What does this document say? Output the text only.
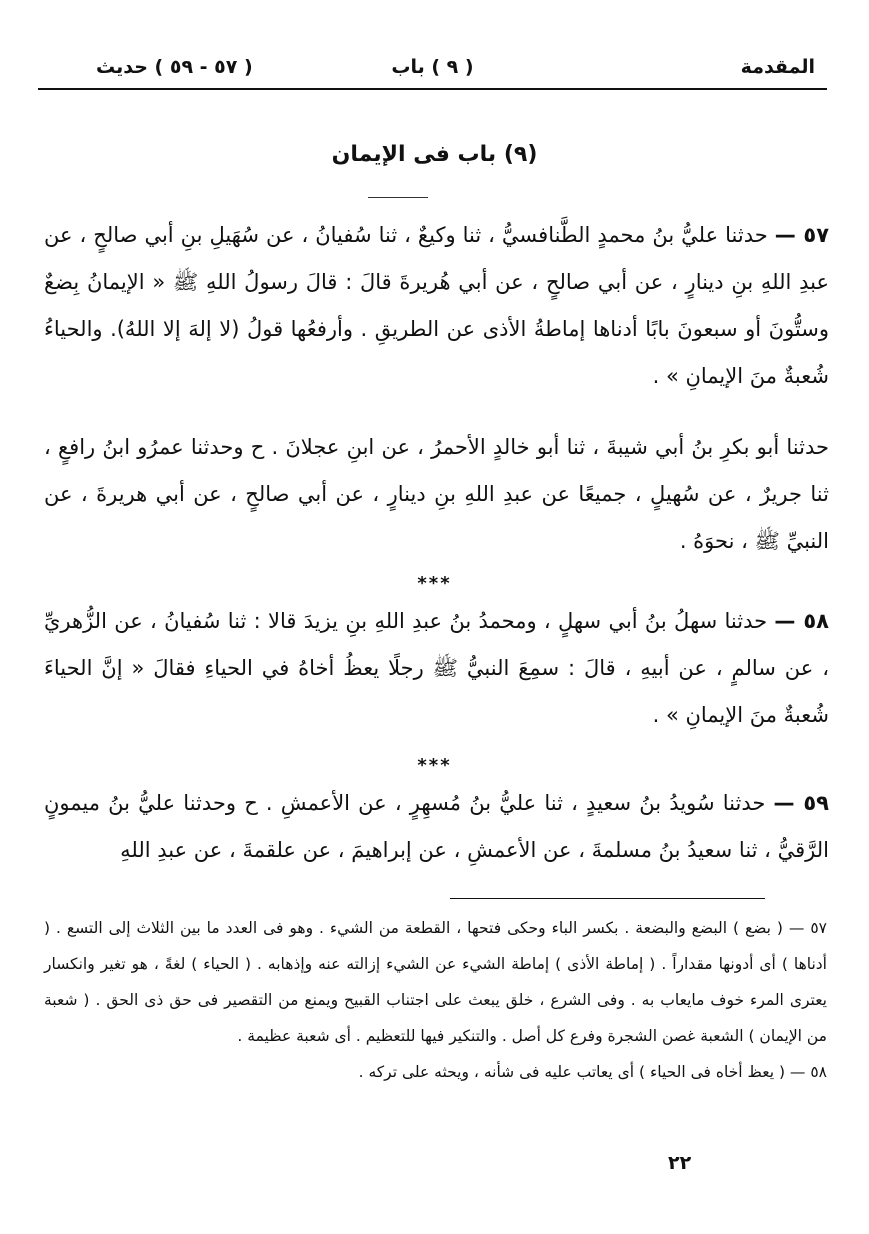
المقدمة
( ٩ ) باب
( ٥٧ - ٥٩ ) حديث
(٩) باب فى الإيمان

٥٧ — حدثنا عليُّ بنُ محمدٍ الطَّنافسيُّ ، ثنا وكيعٌ ، ثنا سُفيانُ ، عن سُهَيلِ بنِ أبي صالحٍ ، عن عبدِ اللهِ بنِ دينارٍ ، عن أبي صالحٍ ، عن أبي هُريرةَ قالَ : قالَ رسولُ اللهِ ﷺ « الإيمانُ بِضعٌ وستُّونَ أو سبعونَ بابًا أدناها إماطةُ الأذى عن الطريقِ . وأرفعُها قولُ (لا إلهَ إلا اللهُ). والحياءُ شُعبةٌ منَ الإيمانِ » .

حدثنا أبو بكرِ بنُ أبي شيبةَ ، ثنا أبو خالدٍ الأحمرُ ، عن ابنِ عجلانَ . ح وحدثنا عمرُو ابنُ رافعٍ ، ثنا جريرٌ ، عن سُهيلٍ ، جميعًا عن عبدِ اللهِ بنِ دينارٍ ، عن أبي صالحٍ ، عن أبي هريرةَ ، عن النبيِّ ﷺ ، نحوَهُ .

***

٥٨ — حدثنا سهلُ بنُ أبي سهلٍ ، ومحمدُ بنُ عبدِ اللهِ بنِ يزيدَ قالا : ثنا سُفيانُ ، عن الزُّهريِّ ، عن سالمٍ ، عن أبيهِ ، قالَ : سمِعَ النبيُّ ﷺ رجلًا يعظُ أخاهُ في الحياءِ فقالَ « إنَّ الحياءَ شُعبةٌ منَ الإيمانِ » .

***

٥٩ — حدثنا سُويدُ بنُ سعيدٍ ، ثنا عليُّ بنُ مُسهِرٍ ، عن الأعمشِ . ح وحدثنا عليُّ بنُ ميمونٍ الرَّقيُّ ، ثنا سعيدُ بنُ مسلمةَ ، عن الأعمشِ ، عن إبراهيمَ ، عن علقمةَ ، عن عبدِ اللهِ

٥٧ — ( بضع ) البضع والبضعة . بكسر الباء وحكى فتحها ، القطعة من الشيء . وهو فى العدد ما بين الثلاث إلى التسع . ( أدناها ) أى أدونها مقداراً . ( إماطة الأذى ) إماطة الشيء عن الشيء إزالته عنه وإذهابه . ( الحياء ) لغةً ، هو تغير وانكسار يعترى المرء خوف مايعاب به . وفى الشرع ، خلق يبعث على اجتناب القبيح ويمنع من التقصير فى حق ذى الحق . ( شعبة من الإيمان ) الشعبة غصن الشجرة وفرع كل أصل . والتنكير فيها للتعظيم . أى شعبة عظيمة .

٥٨ — ( يعظ أخاه فى الحياء ) أى يعاتب عليه فى شأنه ، ويحثه على تركه .

٢٢
